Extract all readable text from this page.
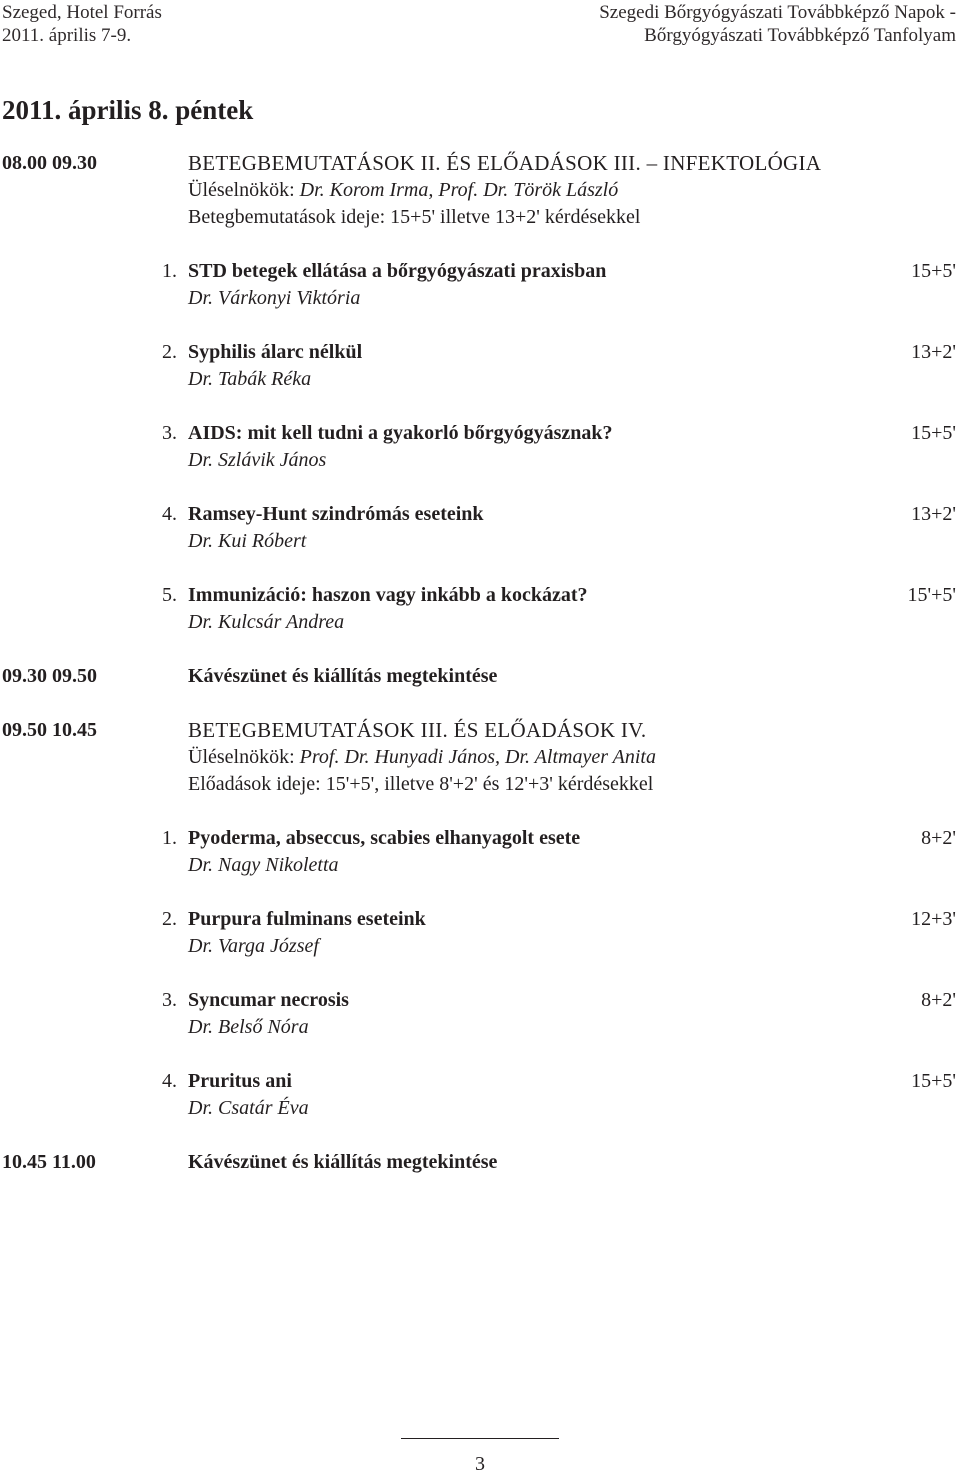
Szeged, Hotel Forrás
2011. április 7-9.
Szegedi Bőrgyógyászati Továbbképző Napok -
Bőrgyógyászati Továbbképző Tanfolyam
2011. április 8. péntek
08.00 09.30	BETEGBEMUTATÁSOK II. ÉS ELŐADÁSOK III. – INFEKTOLÓGIA
Üléselnökök: Dr. Korom Irma, Prof. Dr. Török László
Betegbemutatások ideje: 15+5' illetve 13+2' kérdésekkel
1. STD betegek ellátása a bőrgyógyászati praxisban	15+5'
Dr. Várkonyi Viktória
2. Syphilis álarc nélkül	13+2'
Dr. Tabák Réka
3. AIDS: mit kell tudni a gyakorló bőrgyógyásznak?	15+5'
Dr. Szlávik János
4. Ramsey-Hunt szindrómás eseteink	13+2'
Dr. Kui Róbert
5. Immunizáció: haszon vagy inkább a kockázat?	15'+5'
Dr. Kulcsár Andrea
09.30 09.50	Kávészünet és kiállítás megtekintése
09.50 10.45	BETEGBEMUTATÁSOK III. ÉS ELŐADÁSOK IV.
Üléselnökök: Prof. Dr. Hunyadi János, Dr. Altmayer Anita
Előadások ideje: 15'+5', illetve 8'+2' és 12'+3' kérdésekkel
1. Pyoderma, abseccus, scabies elhanyagolt esete	8+2'
Dr. Nagy Nikoletta
2. Purpura fulminans eseteink	12+3'
Dr. Varga József
3. Syncumar necrosis	8+2'
Dr. Belső Nóra
4. Pruritus ani	15+5'
Dr. Csatár Éva
10.45 11.00	Kávészünet és kiállítás megtekintése
3
